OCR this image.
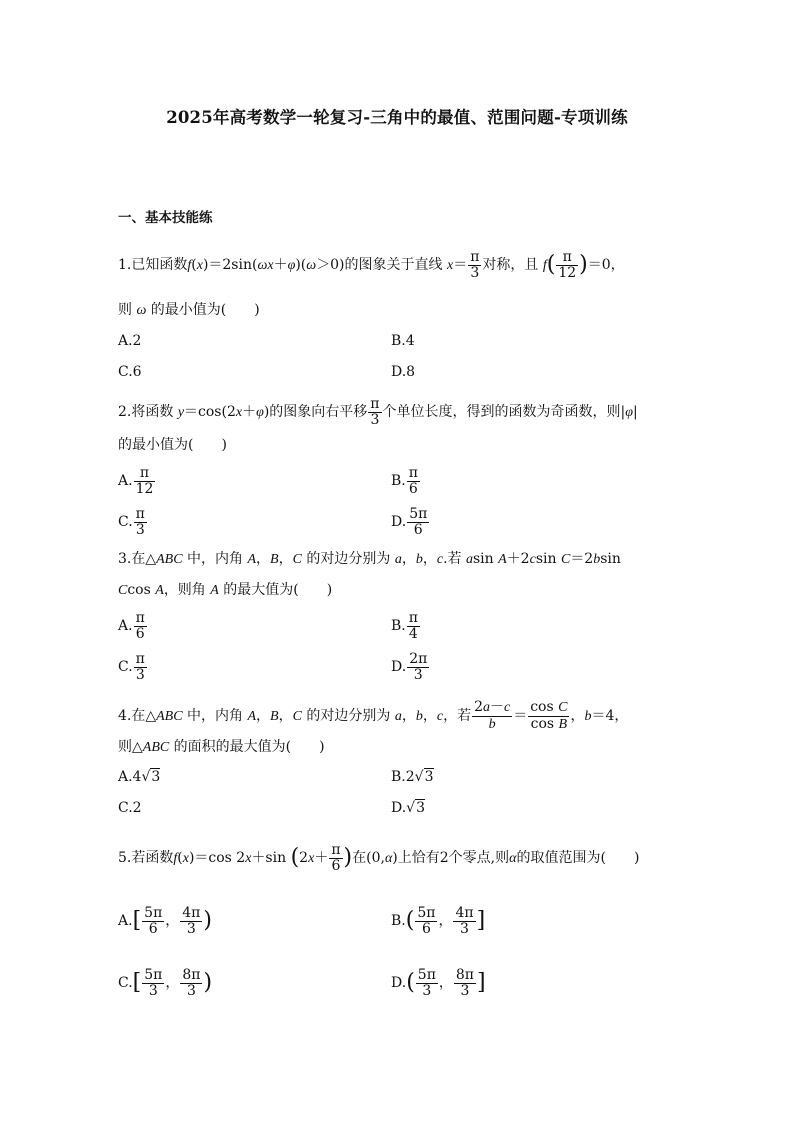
2025年高考数学一轮复习-三角中的最值、范围问题-专项训练
一、基本技能练
1.已知函数f(x)＝2sin(ωx＋φ)(ω＞0)的图象关于直线 $x= \frac{\pi}{3}$ 对称，且 $f( \frac{\pi}{12} )=0$，
则 ω 的最小值为(　　)
A.2	B.4
C.6	D.8
2.将函数 y＝cos(2x＋φ)的图象向右平移 $\frac{\pi}{3}$ 个单位长度，得到的函数为奇函数，则|φ|
的最小值为(　　)
A. $\frac{\pi}{12}$	B. $\frac{\pi}{6}$
C. $\frac{\pi}{3}$	D. $\frac{5\pi}{6}$
3.在△ABC 中，内角 A，B，C 的对边分别为 a，b，c.若 asin A＋2csin C＝2bsin
Ccos A，则角 A 的最大值为(　　)
A. $\frac{\pi}{6}$	B. $\frac{\pi}{4}$
C. $\frac{\pi}{3}$	D. $\frac{2\pi}{3}$
4.在△ABC 中，内角 A，B，C 的对边分别为 a，b，c，若 $\frac{2a-c}{b} = \frac{\text{cos C}}{\text{cos B}}$ ，b＝4，
则△ABC 的面积的最大值为(　　)
A.4√3	B.2√3
C.2	D.√3
5.若函数f(x)＝cos 2x＋sin ($2x+ \frac{\pi}{6}$ )在(0,α)上恰有2个零点,则α的取值范围为(　　)
$A.[ \frac{5\pi}{6}$ ， $\frac{4\pi}{3}$ )	$B.( \frac{5\pi}{6}$ ， $\frac{4\pi}{3}$ ]
$C.[ \frac{5\pi}{3}$ ， $\frac{8\pi}{3}$ )	$D.( \frac{5\pi}{3}$ ， $\frac{8\pi}{3}$ ]
